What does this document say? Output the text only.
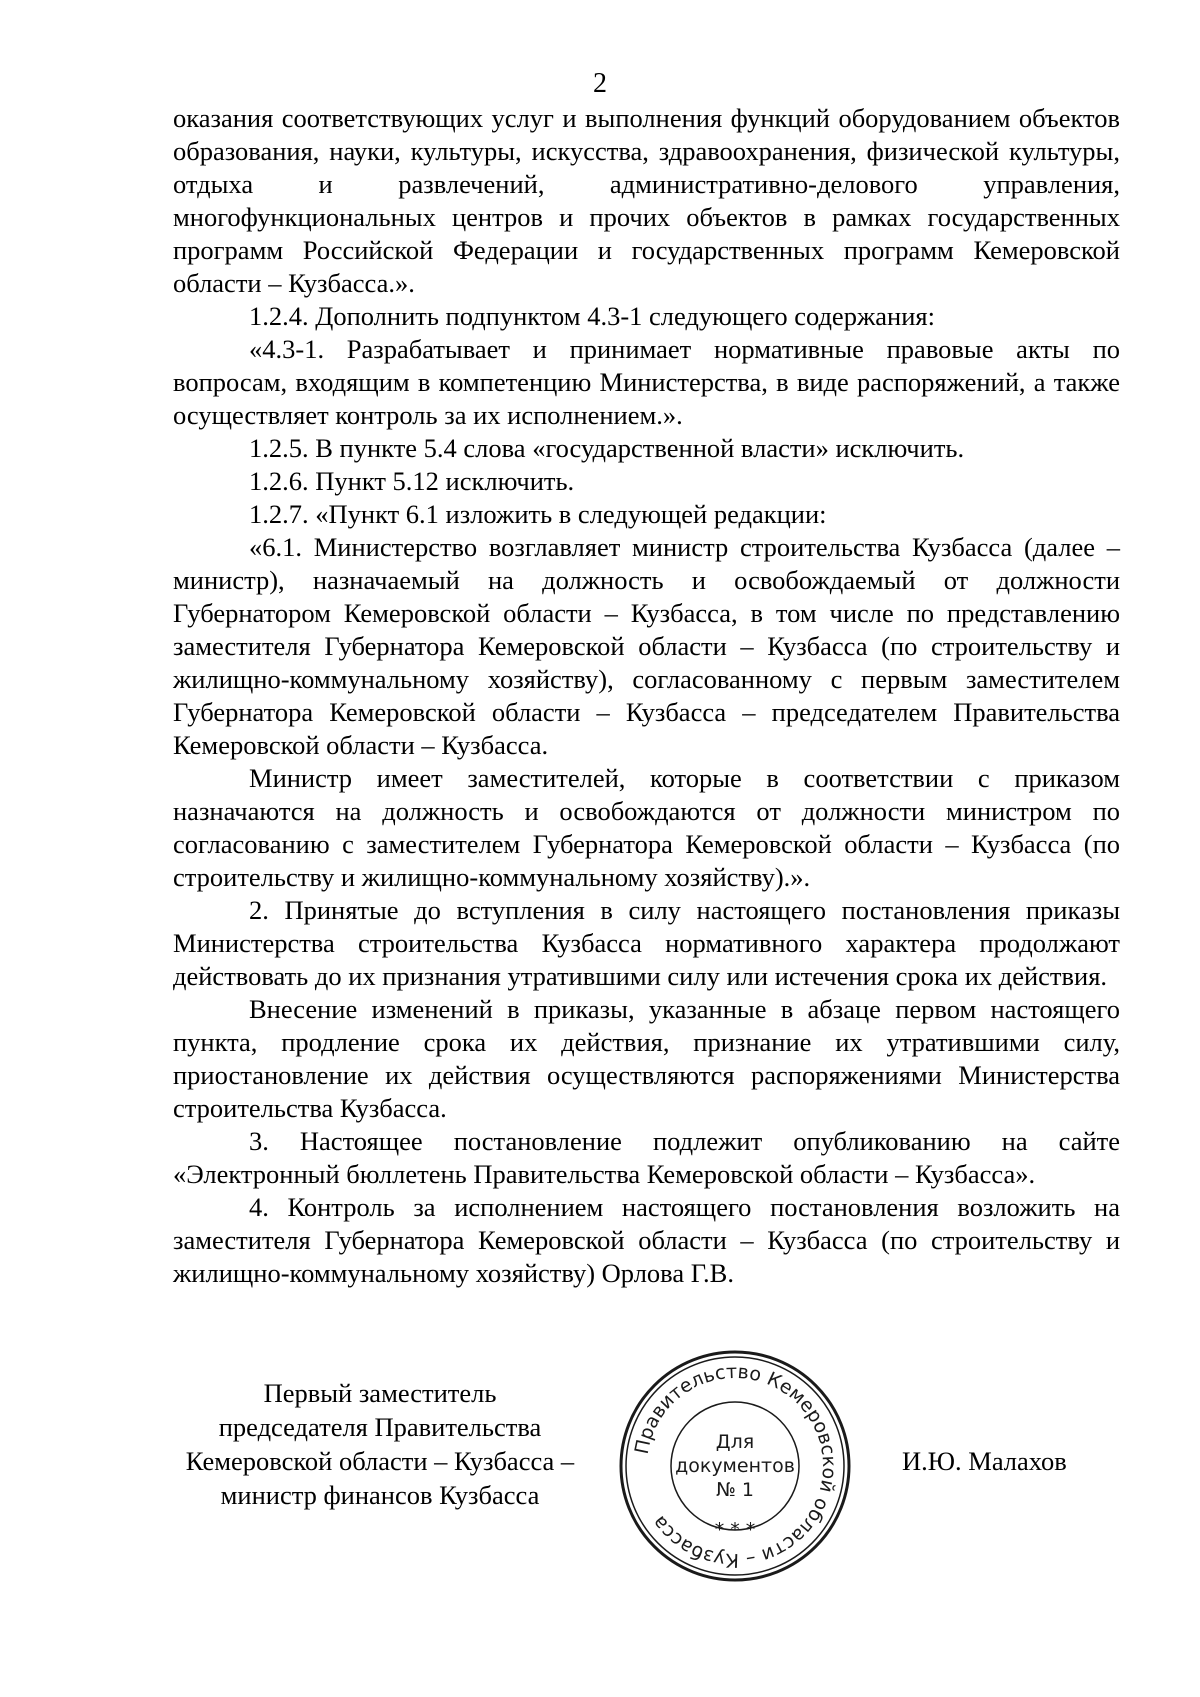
2

оказания соответствующих услуг и выполнения функций оборудованием объектов образования, науки, культуры, искусства, здравоохранения, физической культуры, отдыха и развлечений, административно-делового управления, многофункциональных центров и прочих объектов в рамках государственных программ Российской Федерации и государственных программ Кемеровской области – Кузбасса.».

1.2.4. Дополнить подпунктом 4.3-1 следующего содержания:

«4.3-1. Разрабатывает и принимает нормативные правовые акты по вопросам, входящим в компетенцию Министерства, в виде распоряжений, а также осуществляет контроль за их исполнением.».

1.2.5. В пункте 5.4 слова «государственной власти» исключить.

1.2.6. Пункт 5.12 исключить.

1.2.7. «Пункт 6.1 изложить в следующей редакции:

«6.1. Министерство возглавляет министр строительства Кузбасса (далее – министр), назначаемый на должность и освобождаемый от должности Губернатором Кемеровской области – Кузбасса, в том числе по представлению заместителя Губернатора Кемеровской области – Кузбасса (по строительству и жилищно-коммунальному хозяйству), согласованному с первым заместителем Губернатора Кемеровской области – Кузбасса – председателем Правительства Кемеровской области – Кузбасса.

Министр имеет заместителей, которые в соответствии с приказом назначаются на должность и освобождаются от должности министром по согласованию с заместителем Губернатора Кемеровской области – Кузбасса (по строительству и жилищно-коммунальному хозяйству).».

2. Принятые до вступления в силу настоящего постановления приказы Министерства строительства Кузбасса нормативного характера продолжают действовать до их признания утратившими силу или истечения срока их действия.

Внесение изменений в приказы, указанные в абзаце первом настоящего пункта, продление срока их действия, признание их утратившими силу, приостановление их действия осуществляются распоряжениями Министерства строительства Кузбасса.

3. Настоящее постановление подлежит опубликованию на сайте «Электронный бюллетень Правительства Кемеровской области – Кузбасса».

4. Контроль за исполнением настоящего постановления возложить на заместителя Губернатора Кемеровской области – Кузбасса (по строительству и жилищно-коммунальному хозяйству) Орлова Г.В.

Первый заместитель
председателя Правительства
Кемеровской области – Кузбасса –
министр финансов Кузбасса
Правительство Кемеровской области – Кузбасса	* * *
Для
документов
№ 1
И.Ю. Малахов
